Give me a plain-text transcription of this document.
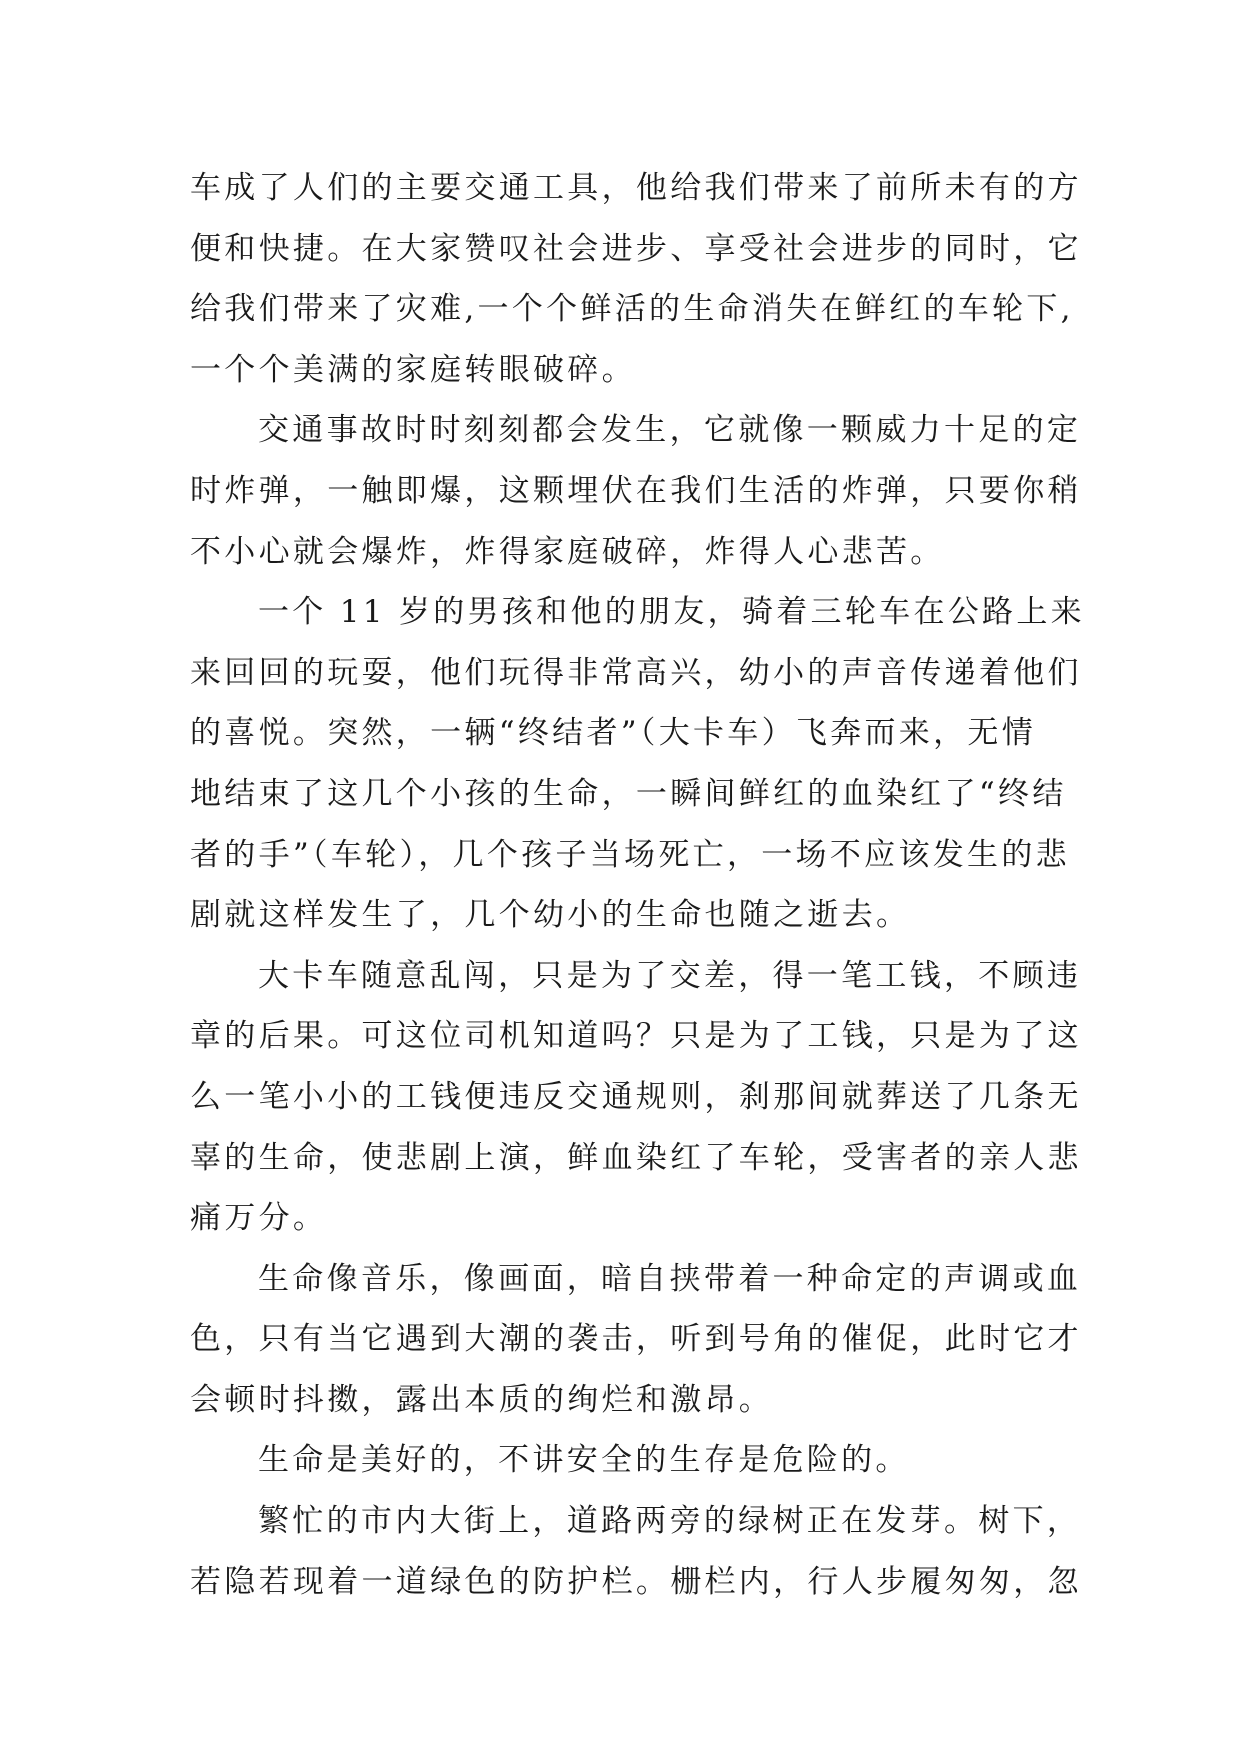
车成了人们的主要交通工具，他给我们带来了前所未有的方
便和快捷。在大家赞叹社会进步、享受社会进步的同时，它
给我们带来了灾难,一个个鲜活的生命消失在鲜红的车轮下,
一个个美满的家庭转眼破碎。
交通事故时时刻刻都会发生，它就像一颗威力十足的定
时炸弹，一触即爆，这颗埋伏在我们生活的炸弹，只要你稍
不小心就会爆炸，炸得家庭破碎，炸得人心悲苦。
一个 11 岁的男孩和他的朋友，骑着三轮车在公路上来
来回回的玩耍，他们玩得非常高兴，幼小的声音传递着他们
的喜悦。突然，一辆“终结者”（大卡车）飞奔而来，无情
地结束了这几个小孩的生命，一瞬间鲜红的血染红了“终结
者的手”（车轮），几个孩子当场死亡，一场不应该发生的悲
剧就这样发生了，几个幼小的生命也随之逝去。
大卡车随意乱闯，只是为了交差，得一笔工钱，不顾违
章的后果。可这位司机知道吗？只是为了工钱，只是为了这
么一笔小小的工钱便违反交通规则，刹那间就葬送了几条无
辜的生命，使悲剧上演，鲜血染红了车轮，受害者的亲人悲
痛万分。
生命像音乐，像画面，暗自挟带着一种命定的声调或血
色，只有当它遇到大潮的袭击，听到号角的催促，此时它才
会顿时抖擞，露出本质的绚烂和激昂。
生命是美好的，不讲安全的生存是危险的。
繁忙的市内大街上，道路两旁的绿树正在发芽。树下，
若隐若现着一道绿色的防护栏。栅栏内，行人步履匆匆，忽
